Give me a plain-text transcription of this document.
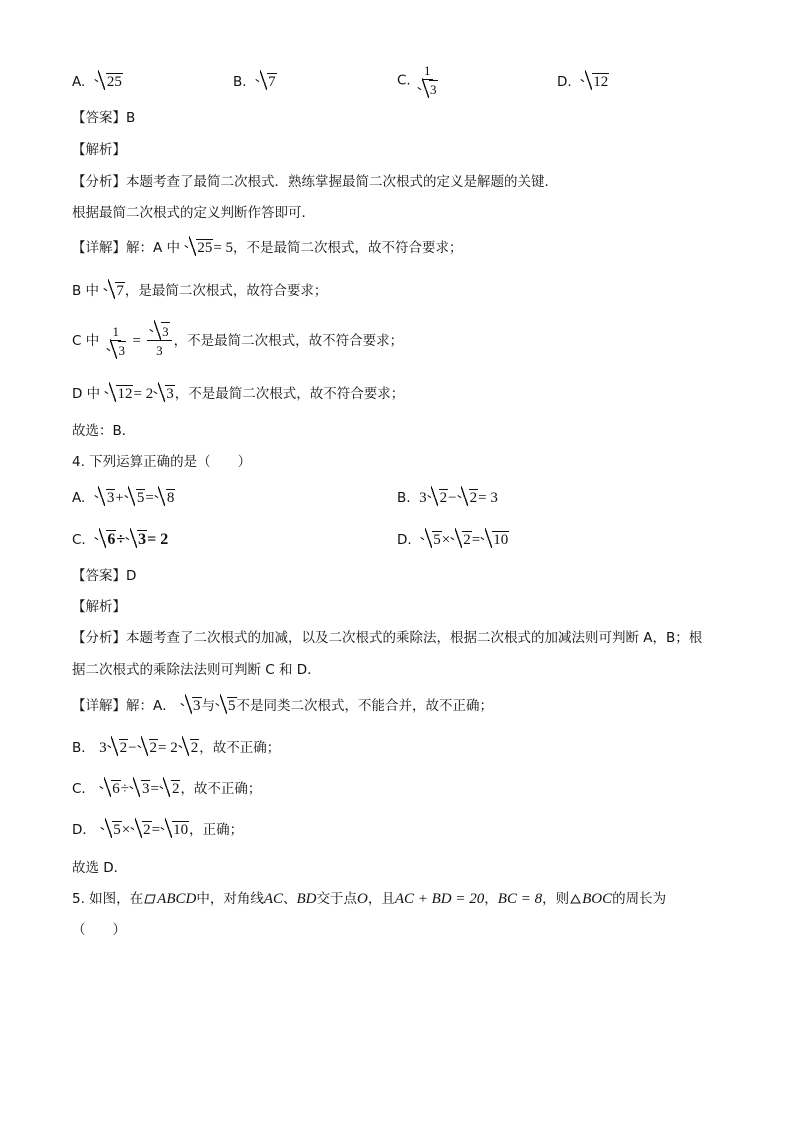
A. 25	B. 7	C. $\frac{1}{3}$	D. 12
【答案】B
【解析】
【分析】本题考查了最简二次根式．熟练掌握最简二次根式的定义是解题的关键．
根据最简二次根式的定义判断作答即可．
【详解】解：A 中 25= 5，不是最简二次根式，故不符合要求；
B 中 7，是最简二次根式，故符合要求；
C 中 $\frac{1}{3} = \frac{3}{3}$ ，不是最简二次根式，故不符合要求；
D 中 12= 2 3，不是最简二次根式，故不符合要求；
故选：B．
4. 下列运算正确的是（　　）
A. 3+ 5= 8	B. 3 2− 2= 3
C. 6÷ 3= 2	D. 5× 2= 10
【答案】D
【解析】
【分析】本题考查了二次根式的加减，以及二次根式的乘除法，根据二次根式的加减法则可判断 A，B；根
据二次根式的乘除法法则可判断 C 和 D．
【详解】解：A． 3与 5不是同类二次根式，不能合并，故不正确；
B． 3 2− 2= 2 2，故不正确；
C． 6÷ 3= 2，故不正确；
D． 5× 2= 10，正确；
故选 D．
5. 如图，在 ABCD中，对角线AC、BD交于点O，且AC + BD = 20，BC = 8，则 BOC的周长为
（　　）
